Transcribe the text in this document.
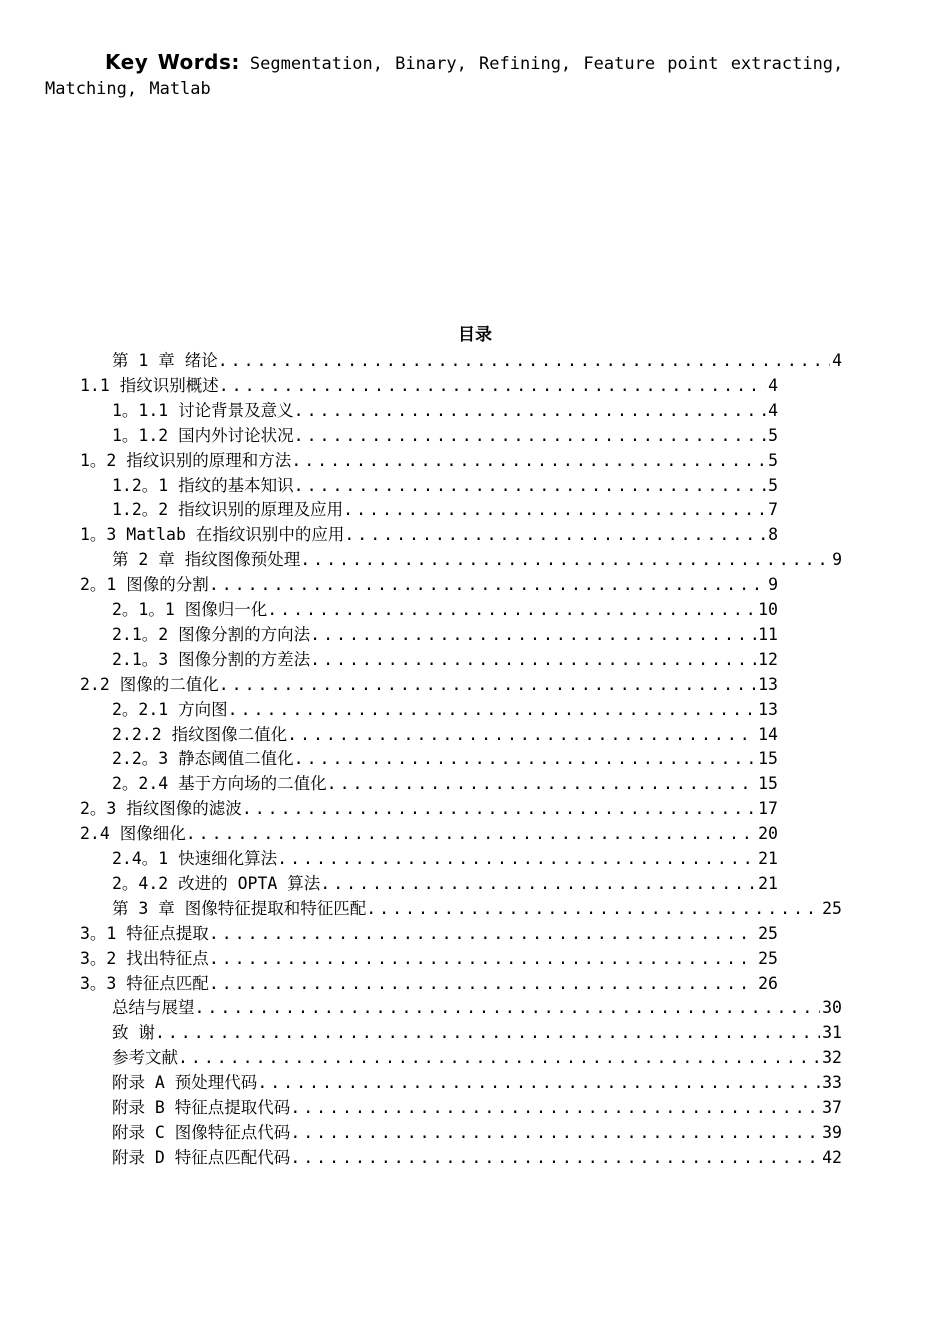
Key Words: Segmentation, Binary, Refining, Feature point extracting, Matching, Matlab
目录
第 1 章 绪论 .....	4
1.1 指纹识别概述 .....	4
1。1.1 讨论背景及意义 .....	4
1。1.2 国内外讨论状况 .....	5
1。2 指纹识别的原理和方法 .....	5
1.2。1 指纹的基本知识 .....	5
1.2。2 指纹识别的原理及应用 .....	7
1。3 Matlab 在指纹识别中的应用 .....	8
第 2 章 指纹图像预处理 .....	9
2。1 图像的分割 .....	9
2。1。1 图像归一化 .....	10
2.1。2 图像分割的方向法 .....	11
2.1。3 图像分割的方差法 .....	12
2.2 图像的二值化 .....	13
2。2.1 方向图 .....	13
2.2.2 指纹图像二值化 .....	14
2.2。3 静态阈值二值化 .....	15
2。2.4 基于方向场的二值化 .....	15
2。3 指纹图像的滤波 .....	17
2.4 图像细化 .....	20
2.4。1 快速细化算法 .....	21
2。4.2 改进的 OPTA 算法 .....	21
第 3 章 图像特征提取和特征匹配 .....	25
3。1 特征点提取 .....	25
3。2 找出特征点 .....	25
3。3 特征点匹配 .....	26
总结与展望 .....	30
致 谢 .....	31
参考文献 .....	32
附录 A 预处理代码 .....	33
附录 B 特征点提取代码 .....	37
附录 C 图像特征点代码 .....	39
附录 D 特征点匹配代码 .....	42
